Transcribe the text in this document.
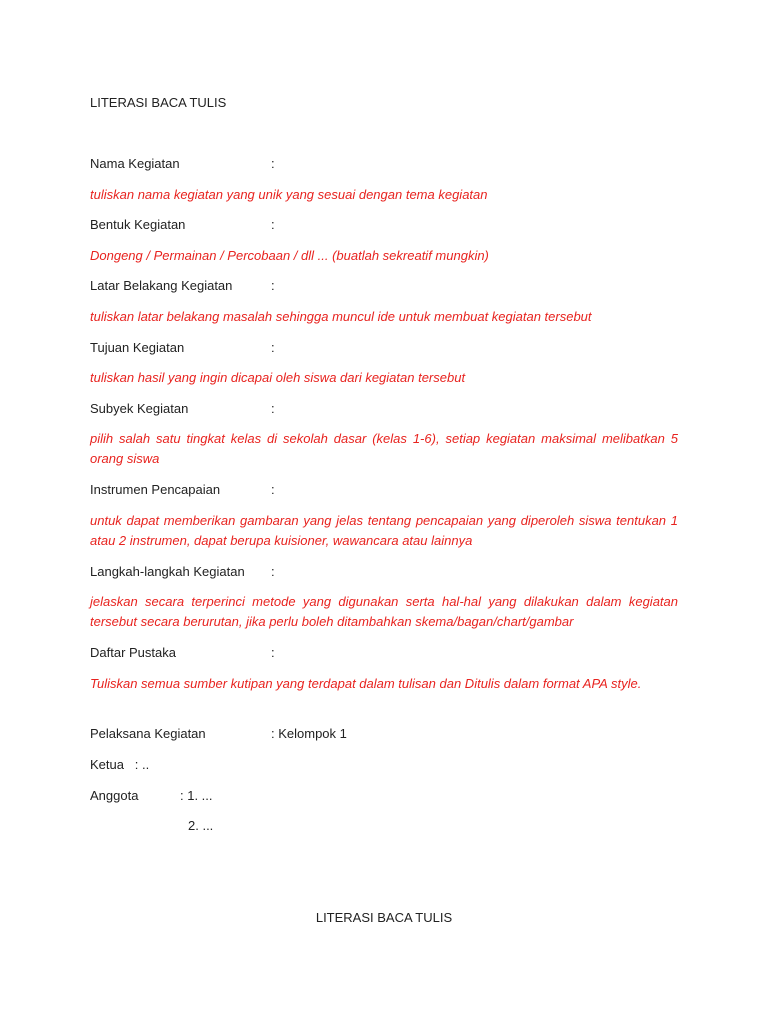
LITERASI BACA TULIS
Nama Kegiatan	:
tuliskan nama kegiatan yang unik yang sesuai dengan tema kegiatan
Bentuk Kegiatan	:
Dongeng / Permainan / Percobaan / dll ... (buatlah sekreatif mungkin)
Latar Belakang Kegiatan	:
tuliskan latar belakang masalah sehingga muncul ide untuk membuat kegiatan tersebut
Tujuan Kegiatan	:
tuliskan hasil yang ingin dicapai oleh siswa dari kegiatan tersebut
Subyek Kegiatan	:
pilih salah satu tingkat kelas di sekolah dasar (kelas 1-6), setiap kegiatan maksimal melibatkan 5 orang siswa
Instrumen Pencapaian	:
untuk dapat memberikan gambaran yang jelas tentang pencapaian yang diperoleh siswa tentukan 1 atau 2 instrumen, dapat berupa kuisioner, wawancara atau lainnya
Langkah-langkah Kegiatan :
jelaskan secara terperinci metode yang digunakan serta hal-hal yang dilakukan dalam kegiatan tersebut secara berurutan, jika perlu boleh ditambahkan skema/bagan/chart/gambar
Daftar Pustaka	:
Tuliskan semua sumber kutipan yang terdapat dalam tulisan dan Ditulis dalam format APA style.
Pelaksana Kegiatan	: Kelompok 1
Ketua   : ..
Anggota	: 1. ...
2. ...
LITERASI BACA TULIS
